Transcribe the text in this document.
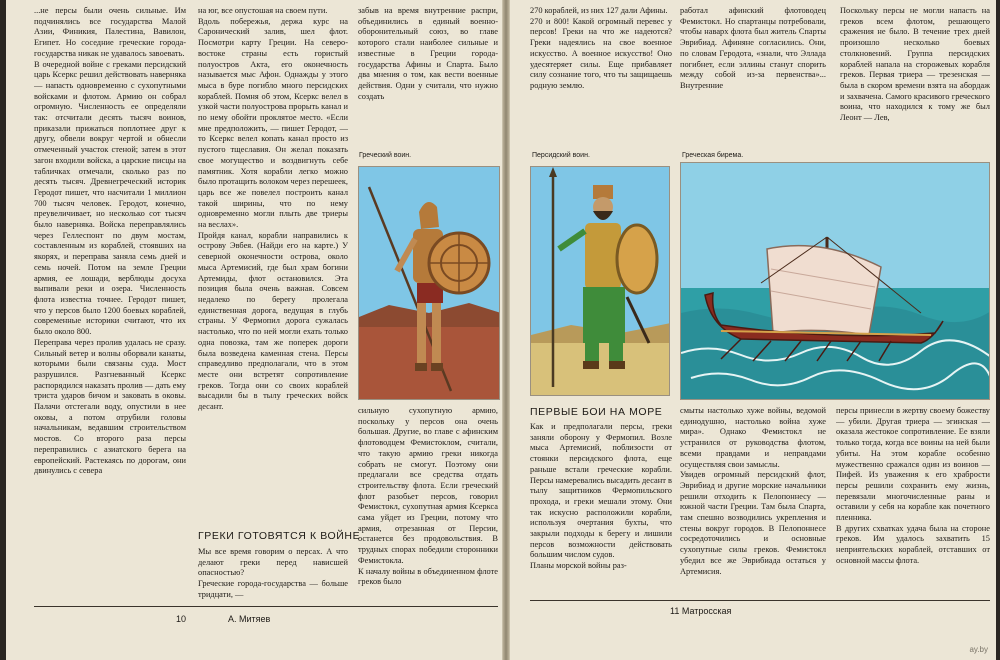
...не персы были очень сильные. Им подчинялись все государства Малой Азии, Финикия, Палестина, Вавилон, Египет. Но соседние греческие города-государства никак не удавалось завоевать.
В очередной войне с греками персидский царь Ксеркс решил действовать наверняка — напасть одновременно с сухопутными войсками и флотом. Армию он собрал огромную. Численность ее определяли так: отсчитали десять тысяч воинов, приказали прижаться поплотнее друг к другу, обвели вокруг чертой и обнесли отмеченный участок стеной; затем в этот загон входили войска, а царские писцы на табличках отмечали, сколько раз по десять тысяч. Древнегреческий историк Геродот пишет, что насчитали 1 миллион 700 тысяч человек. Геродот, конечно, преувеличивает, но несколько сот тысяч было наверняка. Войска переправлялись через Геллеспонт по двум мостам, составленным из кораблей, стоявших на якорях, и переправа заняла семь дней и семь ночей. Потом на земле Греции армия, ее лошади, верблюды досуха выпивали реки и озера. Численность флота известна точнее. Геродот пишет, что у персов было 1200 боевых кораблей, современные историки считают, что их было около 800.
Переправа через пролив удалась не сразу. Сильный ветер и волны оборвали канаты, которыми были связаны суда. Мост разрушился. Разгневанный Ксеркс распорядился наказать пролив — дать ему триста ударов бичом и заковать в оковы. Палачи отстегали воду, опустили в нее оковы, а потом отрубили головы начальникам, ведавшим строительством мостов. Со второго раза персы переправились с азиатского берега на европейский. Растекаясь по дорогам, они двинулись с севера
на юг, все опустошая на своем пути.
Вдоль побережья, держа курс на Саронический залив, шел флот. Посмотри карту Греции. На северо-востоке страны есть гористый полуостров Акта, его оконечность называется мыс Афон. Однажды у этого мыса в буре погибло много персидских кораблей. Помня об этом, Ксеркс велел в узкой части полуострова прорыть канал и по нему обойти проклятое место. «Если мне предположить, — пишет Геродот, — то Ксеркс велел копать канал просто из пустого тщеславия. Он желал показать свое могущество и воздвигнуть себе памятник. Хотя корабли легко можно было протащить волоком через перешеек, царь все же повелел построить канал такой ширины, что по нему одновременно могли плыть две триеры на веслах».
Пройдя канал, корабли направились к острову Эвбея. (Найди его на карте.) У северной оконечности острова, около мыса Артемисий, где был храм богини Артемиды, флот остановился. Эта позиция была очень важная. Совсем недалеко по берегу пролегала единственная дорога, ведущая в глубь страны. У Фермопил дорога сужалась настолько, что по ней могли ехать только одна повозка, там же поперек дороги была возведена каменная стена. Персы справедливо предполагали, что в этом месте они встретят сопротивление греков. Тогда они со своих кораблей высадили бы в тылу греческих войск десант.
забыв на время внутренние распри, объединились в единый военно-оборонительный союз, во главе которого стали наиболее сильные и известные в Греции города-государства Афины и Спарта. Было два мнения о том, как вести военные действия. Одни у считали, что нужно создать
Греческий воин.
ГРЕКИ ГОТОВЯТСЯ К ВОЙНЕ
Мы все время говорим о персах. А что делают греки перед нависшей опасностью?
Греческие города-государства — больше тридцати, —
сильную сухопутную армию, поскольку у персов она очень большая. Другие, во главе с афинским флотоводцем Фемистоклом, считали, что такую армию греки никогда собрать не смогут. Поэтому они предлагали все средства отдать строительству флота. Если греческий флот разобьет персов, говорил Фемистокл, сухопутная армия Ксеркса сама уйдет из Греции, потому что армия, отрезанная от Персии, останется без продовольствия. В трудных спорах победили сторонники Фемистокла.
К началу войны в объединенном флоте греков было
10	А. Митяев
270 кораблей, из них 127 дали Афины.
270 и 800! Какой огромный перевес у персов! Греки на что же надеются? Греки надеялись на свое военное искусство. А военное искусство! Оно удесятеряет силы. Еще прибавляет силу сознание того, что ты защищаешь родную землю.
работал афинский флотоводец Фемистокл. Но спартанцы потребовали, чтобы наварх флота был житель Спарты Эврибиад. Афиняне согласились. Они, по словам Геродота, «знали, что Эллада погибнет, если эллины станут спорить между собой из-за первенства»... Внутренние
Поскольку персы не могли напасть на греков всем флотом, решающего сражения не было. В течение трех дней произошло несколько боевых столкновений. Группа персидских кораблей напала на сторожевых корабля греков. Первая триера — трезенская — была в скором времени взята на абордаж и захвачена. Самого красивого греческого воина, что находился к тому же был Леонт — Лев,
Персидский воин.	Греческая бирема.
ПЕРВЫЕ БОИ НА МОРЕ
Как и предполагали персы, греки заняли оборону у Фермопил. Возле мыса Артемисий, поблизости от стоянки персидского флота, еще раньше встали греческие корабли. Персы намеревались высадить десант в тылу защитников Фермопильского прохода, и греки мешали этому. Они так искусно расположили корабли, используя очертания бухты, что закрыли подходы к берегу и лишили персов возможности действовать большим числом судов.
Планы морской войны раз-
смыты настолько хуже войны, ведомой единодушно, настолько война хуже мира». Однако Фемистокл не устранился от руководства флотом, всеми правдами и неправдами осуществляя свои замыслы.
Увидев огромный персидский флот, Эврибиад и другие морские начальники решили отходить к Пелопоннесу — южной части Греции. Там была Спарта, там спешно возводились укрепления и стены вокруг городов. В Пелопоннесе сосредоточились и основные сухопутные силы греков. Фемистокл убедил все же Эврибиада остаться у Артемисия.
персы принесли в жертву своему божеству — убили. Другая триера — эгинская — оказала жестокое сопротивление. Ее взяли только тогда, когда все воины на ней были убиты. На этом корабле особенно мужественно сражался один из воинов — Пифей. Из уважения к его храбрости персы решили сохранить ему жизнь, перевязали многочисленные раны и оставили у себя на корабле как почетного пленника.
В других схватках удача была на стороне греков. Им удалось захватить 15 неприятельских кораблей, отставших от основной массы флота.
11 Матросская
ay.by
